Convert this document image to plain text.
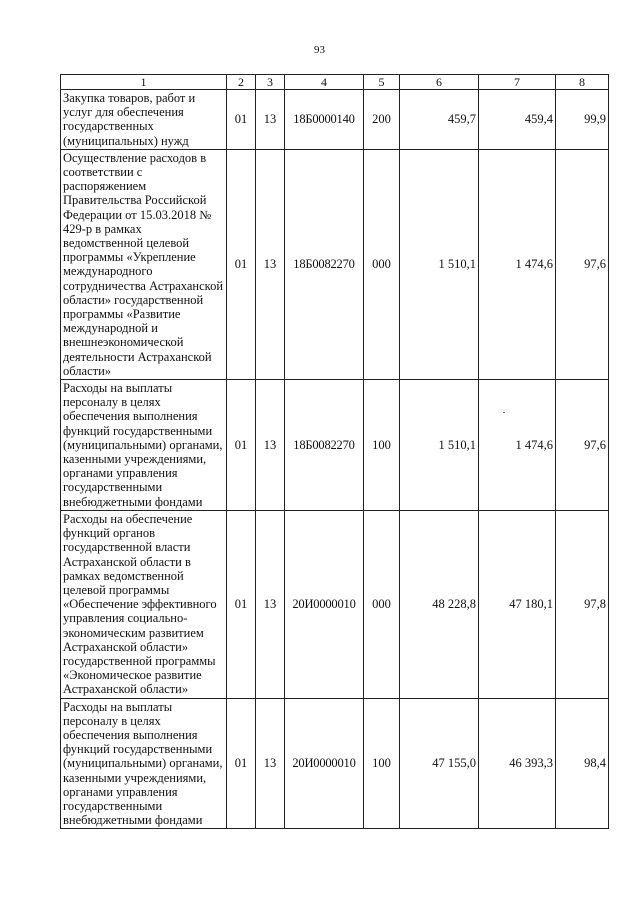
93
1	2	3	4	5	6	7	8
Закупка товаров, работ и услуг для обеспечения государственных (муниципальных) нужд	01	13	18Б0000140	200	459,7	459,4	99,9
Осуществление расходов в соответствии с распоряжением Правительства Российской Федерации от 15.03.2018 № 429-р в рамках ведомственной целевой программы «Укрепление международного сотрудничества Астраханской области» государственной программы «Развитие международной и внешнеэкономической деятельности Астраханской области»	01	13	18Б0082270	000	1 510,1	1 474,6	97,6
Расходы на выплаты персоналу в целях обеспечения выполнения функций государственными (муниципальными) органами, казенными учреждениями, органами управления государственными внебюджетными фондами	01	13	18Б0082270	100	1 510,1	1 474,6	97,6
Расходы на обеспечение функций органов государственной власти Астраханской области в рамках ведомственной целевой программы «Обеспечение эффективного управления социально-экономическим развитием Астраханской области» государственной программы «Экономическое развитие Астраханской области»	01	13	20И0000010	000	48 228,8	47 180,1	97,8
Расходы на выплаты персоналу в целях обеспечения выполнения функций государственными (муниципальными) органами, казенными учреждениями, органами управления государственными внебюджетными фондами	01	13	20И0000010	100	47 155,0	46 393,3	98,4
